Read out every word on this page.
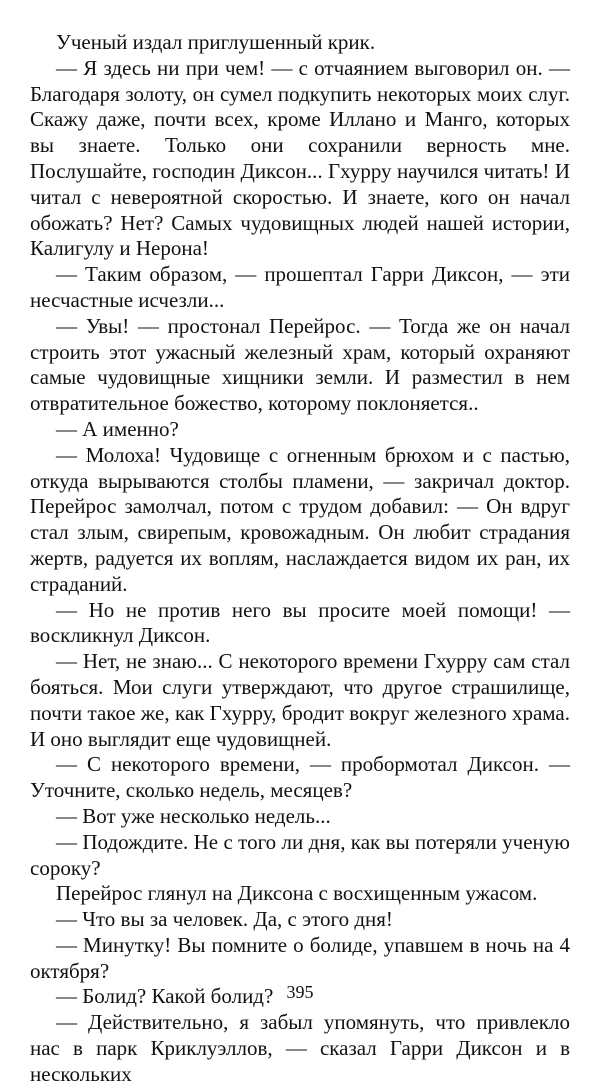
Ученый издал приглушенный крик.

— Я здесь ни при чем! — с отчаянием выговорил он. — Благодаря золоту, он сумел подкупить некоторых моих слуг. Скажу даже, почти всех, кроме Иллано и Манго, которых вы знаете. Только они сохранили верность мне. Послушайте, господин Диксон... Гхурру научился читать! И читал с невероятной скоростью. И знаете, кого он начал обожать? Нет? Самых чудовищных людей нашей истории, Калигулу и Нерона!

— Таким образом, — прошептал Гарри Диксон, — эти несчастные исчезли...

— Увы! — простонал Перейрос. — Тогда же он начал строить этот ужасный железный храм, который охраняют самые чудовищные хищники земли. И разместил в нем отвратительное божество, которому поклоняется..

— А именно?

— Молоха! Чудовище с огненным брюхом и с пастью, откуда вырываются столбы пламени, — закричал доктор. Перейрос замолчал, потом с трудом добавил: — Он вдруг стал злым, свирепым, кровожадным. Он любит страдания жертв, радуется их воплям, наслаждается видом их ран, их страданий.

— Но не против него вы просите моей помощи! — воскликнул Диксон.

— Нет, не знаю... С некоторого времени Гхурру сам стал бояться. Мои слуги утверждают, что другое страшилище, почти такое же, как Гхурру, бродит вокруг железного храма. И оно выглядит еще чудовищней.

— С некоторого времени, — пробормотал Диксон. — Уточните, сколько недель, месяцев?

— Вот уже несколько недель...

— Подождите. Не с того ли дня, как вы потеряли ученую сороку?

Перейрос глянул на Диксона с восхищенным ужасом.

— Что вы за человек. Да, с этого дня!

— Минутку! Вы помните о болиде, упавшем в ночь на 4 октября?

— Болид? Какой болид?

— Действительно, я забыл упомянуть, что привлекло нас в парк Криклуэллов, — сказал Гарри Диксон и в нескольких

395
